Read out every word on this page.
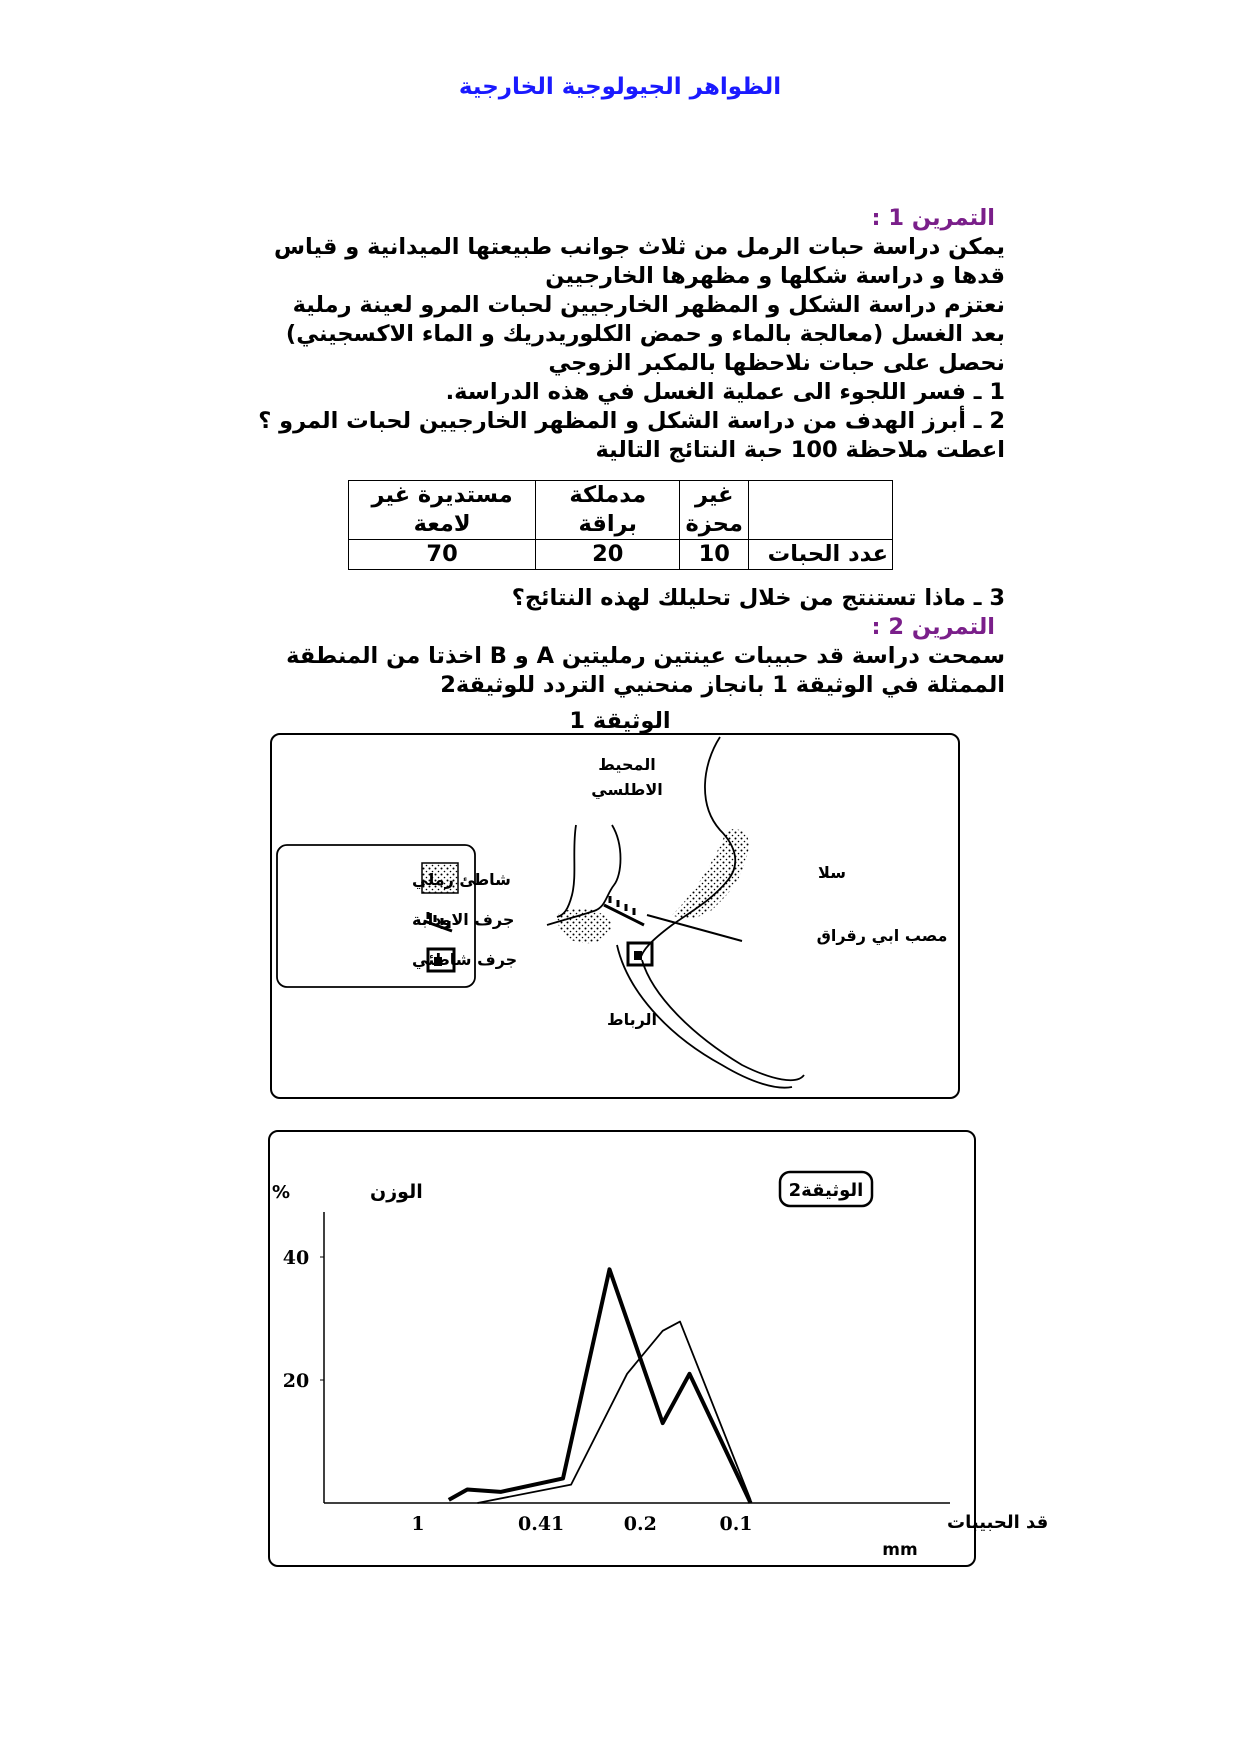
الظواهر الجيولوجية الخارجية
التمرين 1 :
يمكن دراسة حبات الرمل من ثلاث جوانب طبيعتها الميدانية و قياس
قدها و دراسة شكلها و مظهرها الخارجيين
نعتزم دراسة الشكل و المظهر الخارجيين لحبات المرو لعينة رملية
بعد الغسل (معالجة بالماء و حمض الكلوريدريك و الماء الاكسجيني)
نحصل على حبات نلاحظها بالمكبر الزوجي
1 ـ فسر اللجوء الى عملية الغسل في هذه الدراسة.
2 ـ أبرز الهدف من دراسة الشكل و المظهر الخارجيين لحبات المرو ؟
اعطت ملاحظة 100 حبة النتائج التالية
	غير محزة	مدملكة براقة	مستديرة غير لامعة
عدد الحبات	10	20	70
3 ـ ماذا تستنتج من خلال تحليلك لهذه النتائج؟
التمرين 2 :
سمحت دراسة قد حبيبات عينتين رمليتين A و B اخذتا من المنطقة
الممثلة في الوثيقة 1 بانجاز منحنيي التردد للوثيقة2
الوثيقة 1
شاطئ رملي
جرف الاودابة
جرف شاطئي
المحيط
الاطلسي
سلا
مصب ابي رقراق
الرباط
الوثيقة2
الوزن
%
قد الحبيبات
mm
40
20
1	0.41	0.2	0.1
